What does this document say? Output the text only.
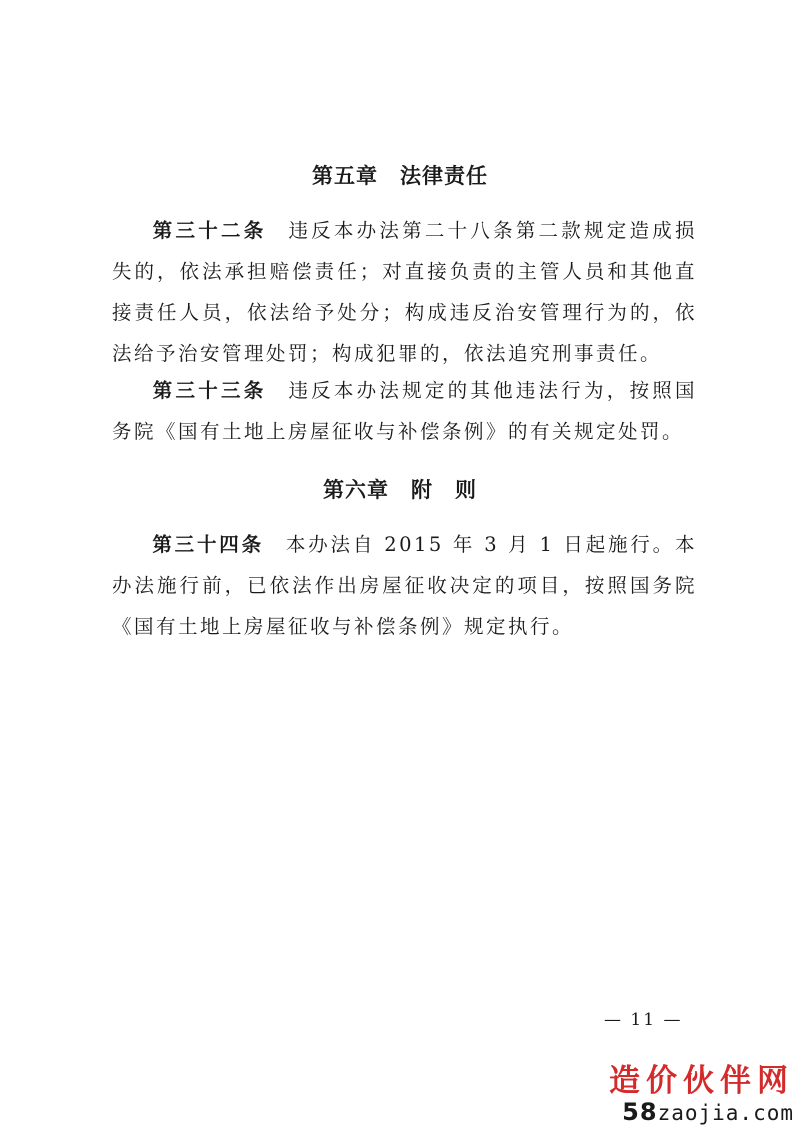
第五章　法律责任
第三十二条 违反本办法第二十八条第二款规定造成损失的，依法承担赔偿责任；对直接负责的主管人员和其他直接责任人员，依法给予处分；构成违反治安管理行为的，依法给予治安管理处罚；构成犯罪的，依法追究刑事责任。
第三十三条 违反本办法规定的其他违法行为，按照国务院《国有土地上房屋征收与补偿条例》的有关规定处罚。
第六章　附　则
第三十四条 本办法自 2015 年 3 月 1 日起施行。本办法施行前，已依法作出房屋征收决定的项目，按照国务院《国有土地上房屋征收与补偿条例》规定执行。
— 11 —
造价伙伴网
58zaojia.com
